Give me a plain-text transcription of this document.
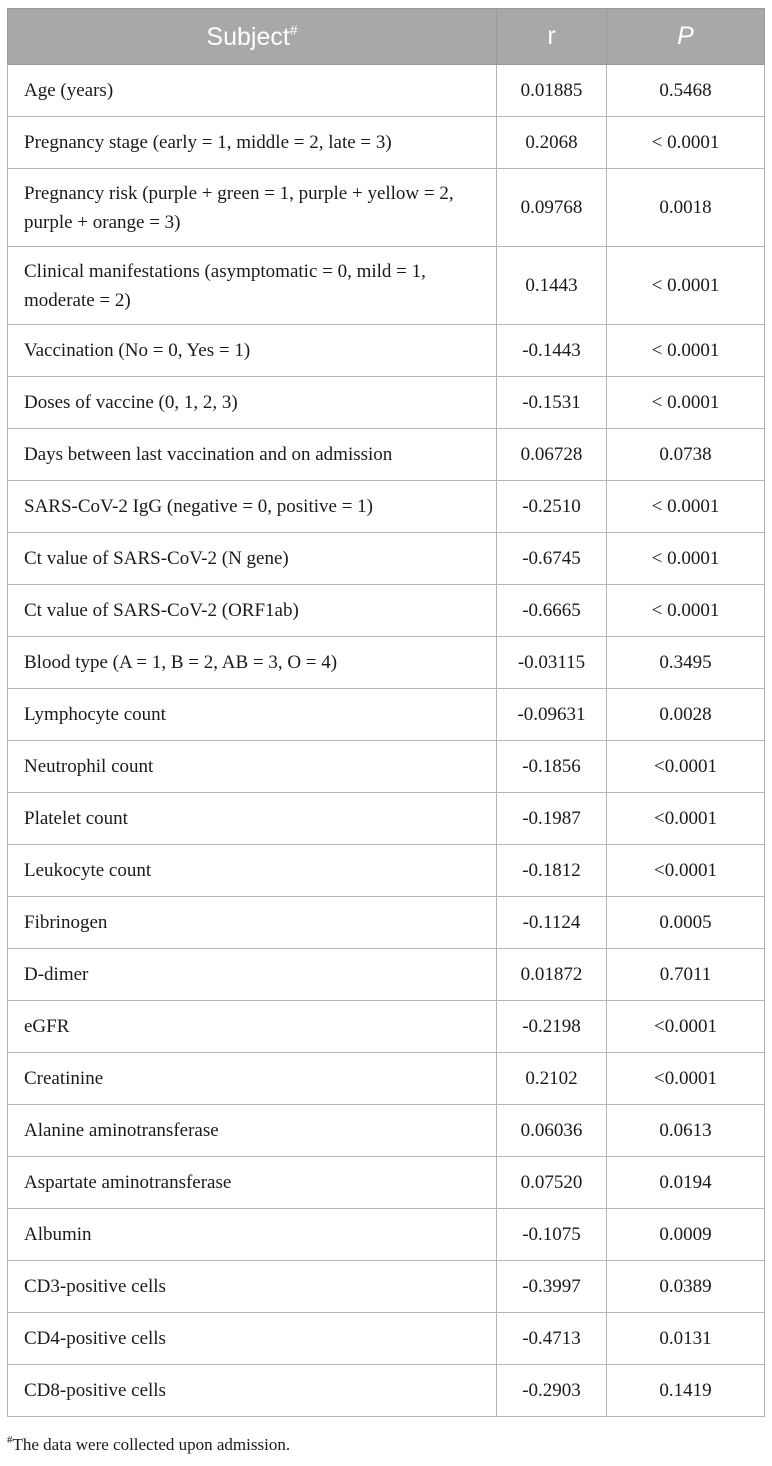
Subject#	r	P
Age (years)	0.01885	0.5468
Pregnancy stage (early = 1, middle = 2, late = 3)	0.2068	< 0.0001
Pregnancy risk (purple + green = 1, purple + yellow = 2, purple + orange = 3)	0.09768	0.0018
Clinical manifestations (asymptomatic = 0, mild = 1, moderate = 2)	0.1443	< 0.0001
Vaccination (No = 0, Yes = 1)	-0.1443	< 0.0001
Doses of vaccine (0, 1, 2, 3)	-0.1531	< 0.0001
Days between last vaccination and on admission	0.06728	0.0738
SARS-CoV-2 IgG (negative = 0, positive = 1)	-0.2510	< 0.0001
Ct value of SARS-CoV-2 (N gene)	-0.6745	< 0.0001
Ct value of SARS-CoV-2 (ORF1ab)	-0.6665	< 0.0001
Blood type (A = 1, B = 2, AB = 3, O = 4)	-0.03115	0.3495
Lymphocyte count	-0.09631	0.0028
Neutrophil count	-0.1856	<0.0001
Platelet count	-0.1987	<0.0001
Leukocyte count	-0.1812	<0.0001
Fibrinogen	-0.1124	0.0005
D-dimer	0.01872	0.7011
eGFR	-0.2198	<0.0001
Creatinine	0.2102	<0.0001
Alanine aminotransferase	0.06036	0.0613
Aspartate aminotransferase	0.07520	0.0194
Albumin	-0.1075	0.0009
CD3-positive cells	-0.3997	0.0389
CD4-positive cells	-0.4713	0.0131
CD8-positive cells	-0.2903	0.1419
#The data were collected upon admission.
